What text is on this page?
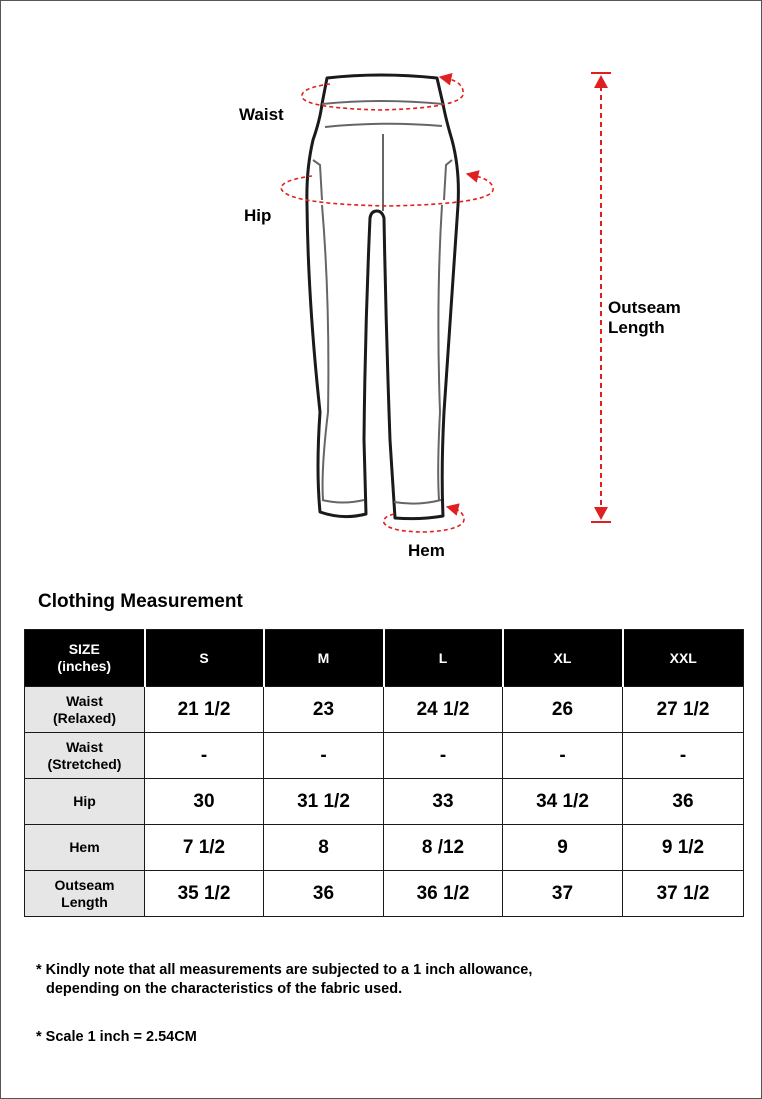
Waist
Hip
Hem
Outseam
Length
Clothing Measurement
SIZE
(inches)	S	M	L	XL	XXL

Waist
(Relaxed)	21 1/2	23	24 1/2	26	27 1/2

Waist
(Stretched)	-	-	-	-	-

Hip	30	31 1/2	33	34 1/2	36

Hem	7 1/2	8	8 /12	9	9 1/2

Outseam
Length	35 1/2	36	36 1/2	37	37 1/2
* Kindly note that all measurements are subjected to a 1 inch allowance,
depending on the characteristics of the fabric used.
* Scale 1 inch = 2.54CM
